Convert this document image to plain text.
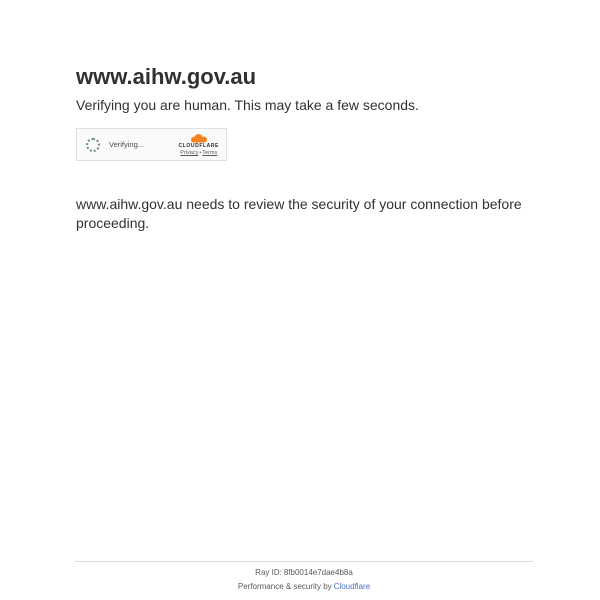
www.aihw.gov.au
Verifying you are human. This may take a few seconds.
Verifying...	CLOUDFLARE
Privacy•Terms
www.aihw.gov.au needs to review the security of your connection before proceeding.
Ray ID: 8fb0014e7dae4b8a
Performance & security by Cloudflare
